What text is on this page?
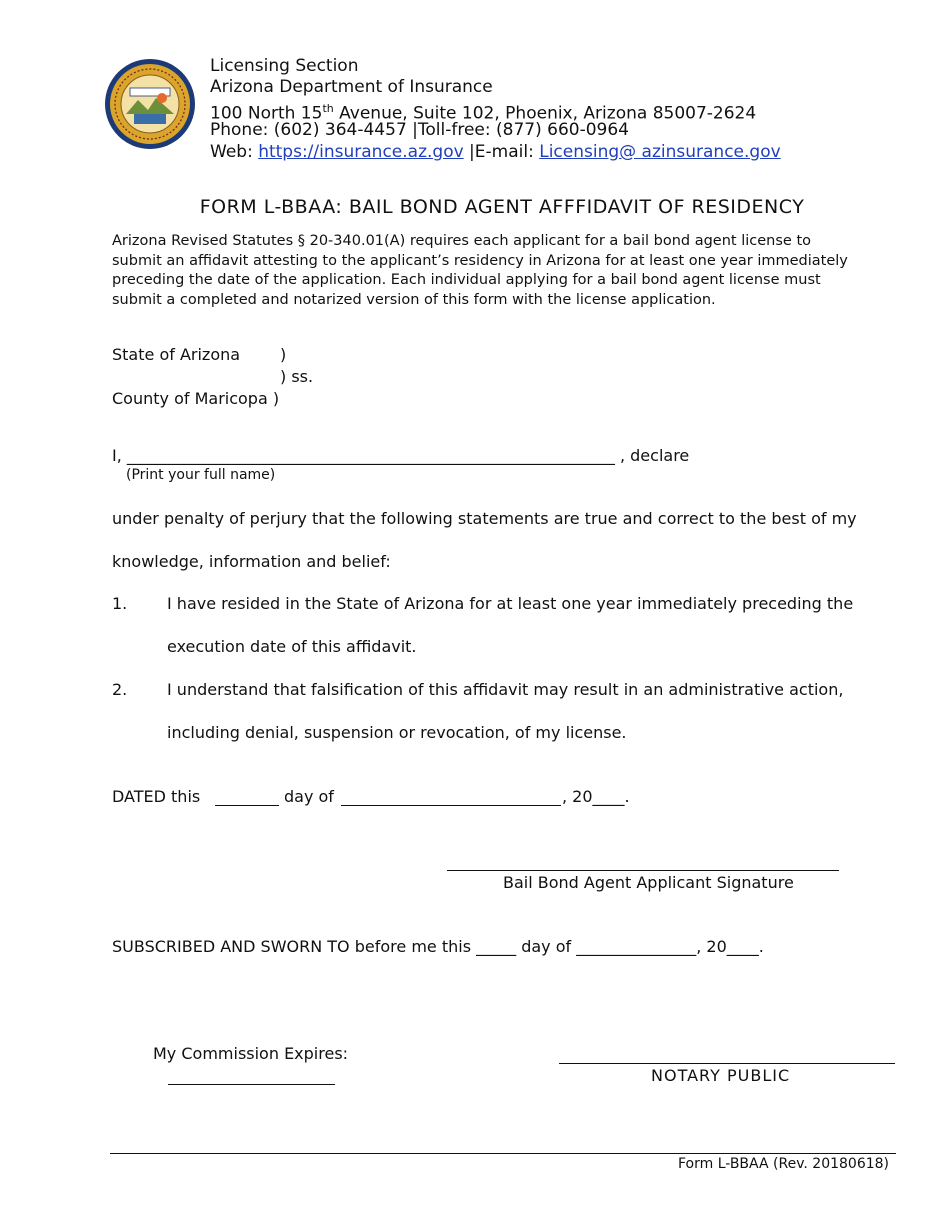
Licensing Section
Arizona Department of Insurance
100 North 15th Avenue, Suite 102, Phoenix, Arizona 85007-2624
Phone: (602) 364-4457 |Toll-free: (877) 660-0964
Web: https://insurance.az.gov |E-mail: Licensing@ azinsurance.gov
FORM L-BBAA: BAIL BOND AGENT AFFFIDAVIT OF RESIDENCY
Arizona Revised Statutes § 20-340.01(A) requires each applicant for a bail bond agent license to
submit an affidavit attesting to the applicant’s residency in Arizona for at least one year immediately
preceding the date of the application. Each individual applying for a bail bond agent license must
submit a completed and notarized version of this form with the license application.
State of Arizona )
) ss.
County of Maricopa )
I, _____________________________________________________________ , declare
(Print your full name)
under penalty of perjury that the following statements are true and correct to the best of my
knowledge, information and belief:
1. I have resided in the State of Arizona for at least one year immediately preceding the
execution date of this affidavit.
2. I understand that falsification of this affidavit may result in an administrative action,
including denial, suspension or revocation, of my license.
DATED this	day of	, 20____.
Bail Bond Agent Applicant Signature
SUBSCRIBED AND SWORN TO before me this _____ day of _______________, 20____.
My Commission Expires:
NOTARY PUBLIC
Form L-BBAA (Rev. 20180618)
